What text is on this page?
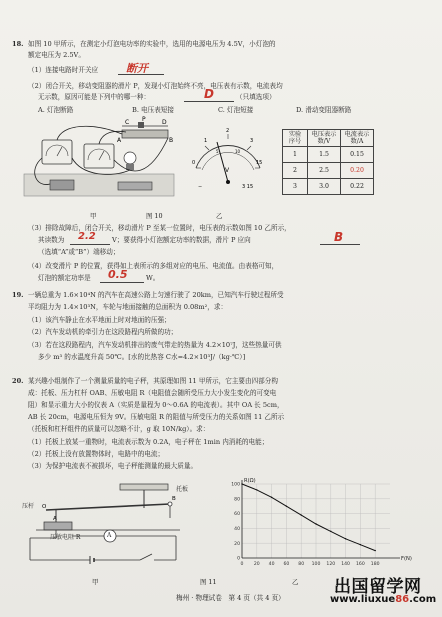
18. 如图 10 甲所示，在测定小灯泡电功率的实验中，选用的电源电压为 4.5V，小灯泡的
额定电压为 2.5V。
（1）连接电路时开关应	断开
（2）闭合开关，移动变阻器的滑片 P，发现小灯泡始终不亮，电压表有示数，电流表均
无示数，原因可能是下列中的哪一种：	D	（只填选项）
A. 灯泡断路	B. 电压表短接	C. 灯泡短接	D. 滑动变阻器断路
C P	D
A	B
0
1
2
3
5	10
15
V
−	3 15
实验序号	电压表示数/V	电流表示数/A
1	1.5	0.15
2	2.5	0.20
3	3.0	0.22
甲	图 10	乙
（3）排除故障后，闭合开关，移动滑片 P 至某一位置时，电压表的示数如图 10 乙所示，
其读数为 2.2 V；要获得小灯泡额定功率的数据，滑片 P 应向	B
（选填“A”或“B”）端移动；
（4）改变滑片 P 的位置，获得如上表所示的多组对应的电压、电流值。由表格可知，
灯泡的额定功率是 0.5	W。
19. 一辆总重为 1.6×10⁴N 的汽车在高速公路上匀速行驶了 20km，已知汽车行驶过程所受
平均阻力为 1.4×10³N，车轮与地面接触的总面积为 0.08m²，求：
（1）该汽车静止在水平地面上时对地面的压强；
（2）汽车发动机的牵引力在这段路程内所做的功；
（3）若在这段路程内，汽车发动机排出的废气带走的热量为 4.2×10⁷J，这些热量可供
多少 m³ 的水温度升高 50℃。[水的比热容 C水=4.2×10³J/（kg·℃）]
20. 某兴趣小组制作了一个测量质量的电子秤，其原理如图 11 甲所示，它主要由四部分构
成：托板、压力杠杆 OAB、压敏电阻 R（电阻值会随所受压力大小发生变化的可变电
阻）和显示重力大小的仪表 A（实质是量程为 0～0.6A 的电流表）。其中 OA 长 5cm，
AB 长 20cm，电源电压恒为 9V。压敏电阻 R 的阻值与所受压力的关系如图 11 乙所示
（托板和杠杆组件的质量可以忽略不计，g 取 10N/kg）。求：
（1）托板上放某一重物时，电流表示数为 0.2A，电子秤在 1min 内消耗的电能；
（2）托板上没有放置物体时，电路中的电流；
（3）为保护电流表不被损坏，电子秤能测量的最大质量。
O
A
B
托板
压杆
压敏电阻 R	A
甲	图 11	乙
0 20 40 60 80 100 120 140 160 180
0
20
40
60
80
100
R(Ω)
F(N)
梅州 · 物理试卷　第 4 页（共 4 页）
出国留学网
www.liuxue86.com
